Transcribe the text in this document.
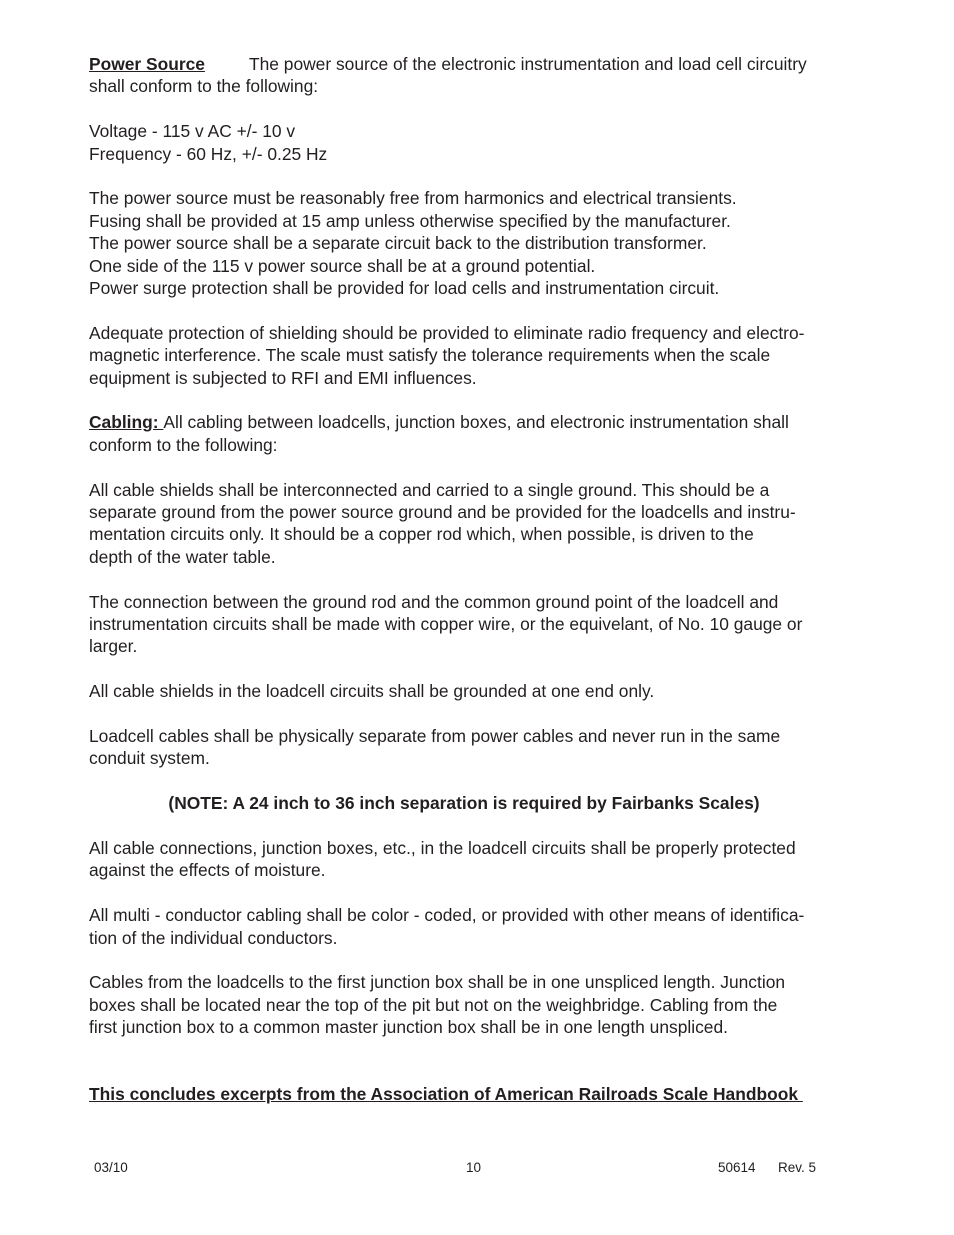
Power Source	The power source of the electronic instrumentation and load cell circuitry
shall conform to the following:

Voltage - 115 v AC +/- 10 v
Frequency - 60 Hz, +/- 0.25 Hz

The power source must be reasonably free from harmonics and electrical transients.
Fusing shall be provided at 15 amp unless otherwise specified by the manufacturer.
The power source shall be a separate circuit back to the distribution transformer.
One side of the 115 v power source shall be at a ground potential.
Power surge protection shall be provided for load cells and instrumentation circuit.

Adequate protection of shielding should be provided to eliminate radio frequency and electro-
magnetic interference. The scale must satisfy the tolerance requirements when the scale
equipment is subjected to RFI and EMI influences.

Cabling: All cabling between loadcells, junction boxes, and electronic instrumentation shall
conform to the following:

All cable shields shall be interconnected and carried to a single ground. This should be a
separate ground from the power source ground and be provided for the loadcells and instru-
mentation circuits only. It should be a copper rod which, when possible, is driven to the
depth of the water table.

The connection between the ground rod and the common ground point of the loadcell and
instrumentation circuits shall be made with copper wire, or the equivelant, of No. 10 gauge or
larger.

All cable shields in the loadcell circuits shall be grounded at one end only.

Loadcell cables shall be physically separate from power cables and never run in the same
conduit system.

(NOTE: A 24 inch to 36 inch separation is required by Fairbanks Scales)

All cable connections, junction boxes, etc., in the loadcell circuits shall be properly protected
against the effects of moisture.

All multi - conductor cabling shall be color - coded, or provided with other means of identifica-
tion of the individual conductors.

Cables from the loadcells to the first junction box shall be in one unspliced length. Junction
boxes shall be located near the top of the pit but not on the weighbridge. Cabling from the
first junction box to a common master junction box shall be in one length unspliced.

This concludes excerpts from the Association of American Railroads Scale Handbook
03/10	10	50614      Rev. 5
